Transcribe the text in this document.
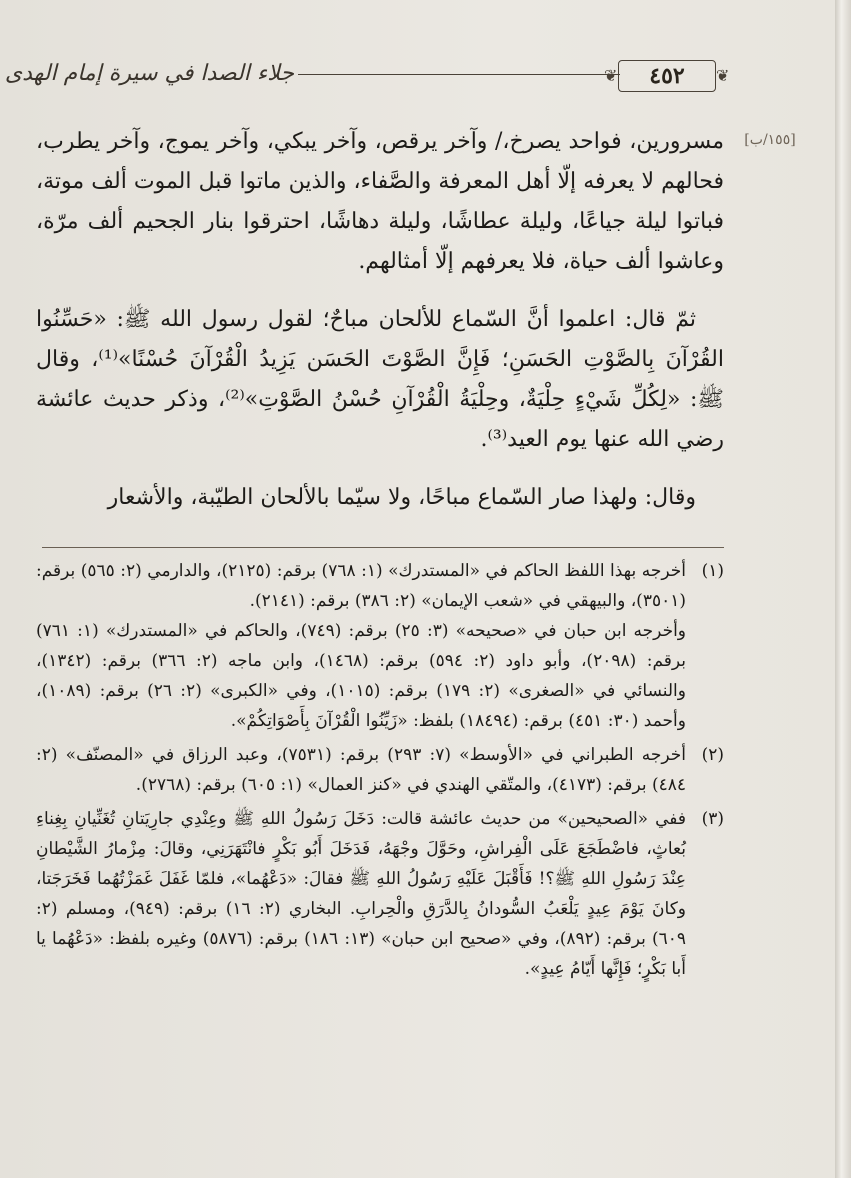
جلاء الصدا في سيرة إمام الهدى	❦ ٤٥٢ ❦
[١٥٥/ب]

مسرورين، فواحد يصرخ،/ وآخر يرقص، وآخر يبكي، وآخر يموج، وآخر يطرب، فحالهم لا يعرفه إلّا أهل المعرفة والصَّفاء، والذين ماتوا قبل الموت ألف موتة، فباتوا ليلة جياعًا، وليلة عطاشًا، وليلة دهاشًا، احترقوا بنار الجحيم ألف مرّة، وعاشوا ألف حياة، فلا يعرفهم إلّا أمثالهم.

ثمّ قال: اعلموا أنَّ السّماع للألحان مباحٌ؛ لقول رسول الله ﷺ: «حَسِّنُوا القُرْآنَ بِالصَّوْتِ الحَسَنِ؛ فَإِنَّ الصَّوْتَ الحَسَن يَزِيدُ الْقُرْآنَ حُسْنًا»⁽¹⁾، وقال ﷺ: «لِكُلِّ شَيْءٍ حِلْيَةٌ، وحِلْيَةُ الْقُرْآنِ حُسْنُ الصَّوْتِ»⁽²⁾، وذكر حديث عائشة رضي الله عنها يوم العيد⁽³⁾.

وقال: ولهذا صار السّماع مباحًا، ولا سيّما بالألحان الطيّبة، والأشعار

(١)

أخرجه بهذا اللفظ الحاكم في «المستدرك» (١: ٧٦٨) برقم: (٢١٢٥)، والدارمي (٢: ٥٦٥) برقم: (٣٥٠١)، والبيهقي في «شعب الإيمان» (٢: ٣٨٦) برقم: (٢١٤١).

وأخرجه ابن حبان في «صحيحه» (٣: ٢٥) برقم: (٧٤٩)، والحاكم في «المستدرك» (١: ٧٦١) برقم: (٢٠٩٨)، وأبو داود (٢: ٥٩٤) برقم: (١٤٦٨)، وابن ماجه (٢: ٣٦٦) برقم: (١٣٤٢)، والنسائي في «الصغرى» (٢: ١٧٩) برقم: (١٠١٥)، وفي «الكبرى» (٢: ٢٦) برقم: (١٠٨٩)، وأحمد (٣٠: ٤٥١) برقم: (١٨٤٩٤) بلفظ: «زَيِّنُوا الْقُرْآنَ بِأَصْوَاتِكُمْ».

(٢)

أخرجه الطبراني في «الأوسط» (٧: ٢٩٣) برقم: (٧٥٣١)، وعبد الرزاق في «المصنّف» (٢: ٤٨٤) برقم: (٤١٧٣)، والمتّقي الهندي في «كنز العمال» (١: ٦٠٥) برقم: (٢٧٦٨).

(٣)

ففي «الصحيحين» من حديث عائشة قالت: دَخَلَ رَسُولُ اللهِ ﷺ وعِنْدِي جارِيَتانِ تُغَنِّيانِ بِغِناءِ بُعاثٍ، فاضْطَجَعَ عَلَى الْفِراشِ، وحَوَّلَ وجْهَهُ، فَدَخَلَ أَبُو بَكْرٍ فانْتَهَرَنِي، وقالَ: مِزْمارُ الشَّيْطانِ عِنْدَ رَسُولِ اللهِ ﷺ؟! فَأَقْبَلَ عَلَيْهِ رَسُولُ اللهِ ﷺ فقالَ: «دَعْهُما»، فلمّا غَفَلَ غَمَزْتُهُما فَخَرَجَتا، وكانَ يَوْمَ عِيدٍ يَلْعَبُ السُّودانُ بِالدَّرَقِ والْحِرابِ. البخاري (٢: ١٦) برقم: (٩٤٩)، ومسلم (٢: ٦٠٩) برقم: (٨٩٢)، وفي «صحيح ابن حبان» (١٣: ١٨٦) برقم: (٥٨٧٦) وغيره بلفظ: «دَعْهُما يا أَبا بَكْرٍ؛ فَإِنَّها أَيّامُ عِيدٍ».
